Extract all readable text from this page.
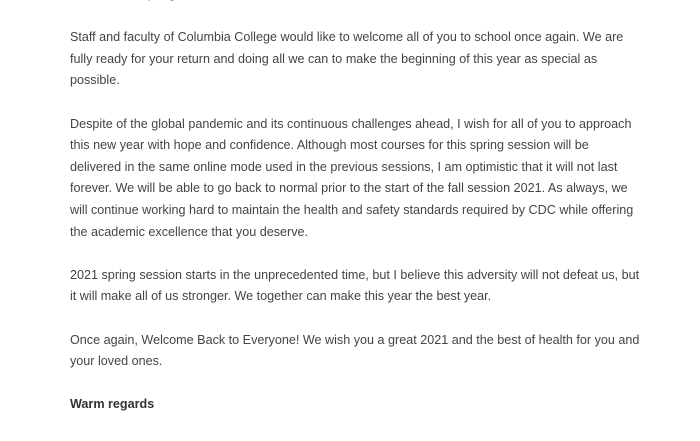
Staff and faculty of Columbia College would like to welcome all of you to school once again. We are fully ready for your return and doing all we can to make the beginning of this year as special as possible.

Despite of the global pandemic and its continuous challenges ahead, I wish for all of you to approach this new year with hope and confidence. Although most courses for this spring session will be delivered in the same online mode used in the previous sessions, I am optimistic that it will not last forever. We will be able to go back to normal prior to the start of the fall session 2021. As always, we will continue working hard to maintain the health and safety standards required by CDC while offering the academic excellence that you deserve.

2021 spring session starts in the unprecedented time, but I believe this adversity will not defeat us, but it will make all of us stronger. We together can make this year the best year.

Once again, Welcome Back to Everyone! We wish you a great 2021 and the best of health for you and your loved ones.

Warm regards
